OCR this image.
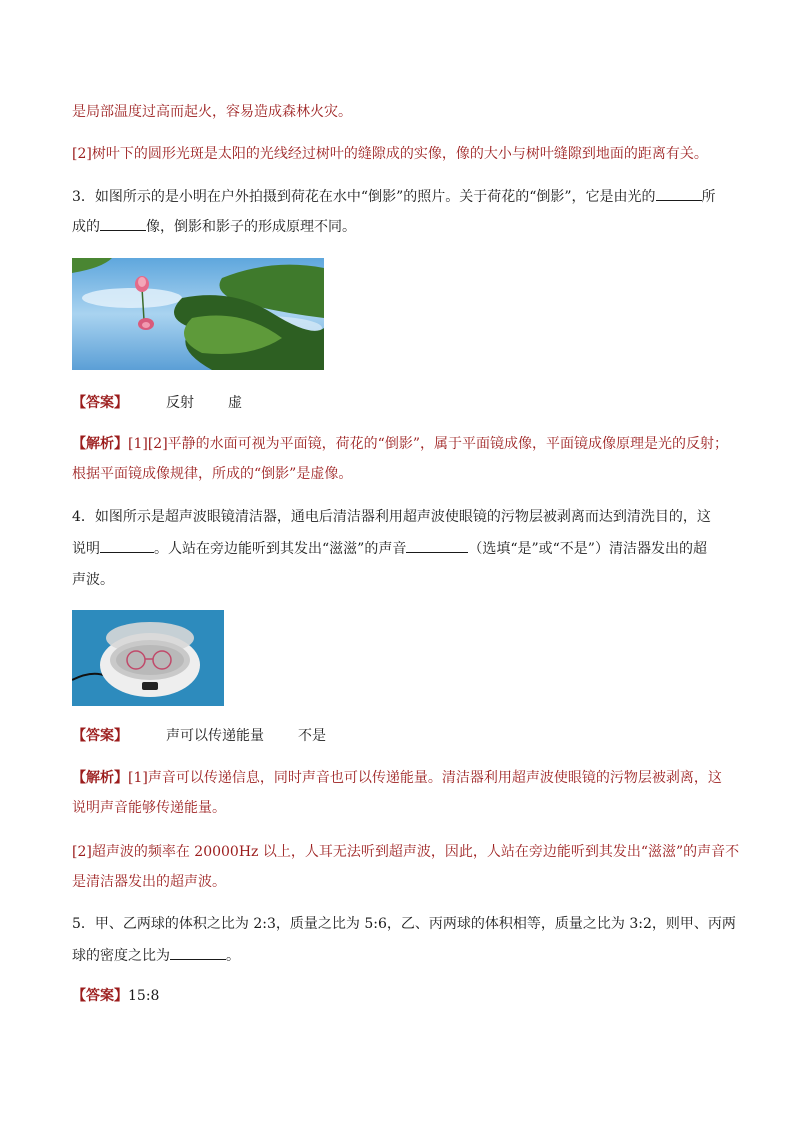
是局部温度过高而起火，容易造成森林火灾。
[2]树叶下的圆形光斑是太阳的光线经过树叶的缝隙成的实像，像的大小与树叶缝隙到地面的距离有关。
3．如图所示的是小明在户外拍摄到荷花在水中“倒影”的照片。关于荷花的“倒影”，它是由光的	所
成的	像，倒影和影子的形成原理不同。
【答案】	反射 虚
【解析】[1][2]平静的水面可视为平面镜，荷花的“倒影”，属于平面镜成像，平面镜成像原理是光的反射；
根据平面镜成像规律，所成的“倒影”是虚像。
4．如图所示是超声波眼镜清洁器，通电后清洁器利用超声波使眼镜的污物层被剥离而达到清洗目的，这
说明	。人站在旁边能听到其发出“滋滋”的声音	（选填“是”或“不是”）清洁器发出的超
声波。
【答案】	声可以传递能量 不是
【解析】[1]声音可以传递信息，同时声音也可以传递能量。清洁器利用超声波使眼镜的污物层被剥离，这
说明声音能够传递能量。
[2]超声波的频率在 20000Hz 以上，人耳无法听到超声波，因此，人站在旁边能听到其发出“滋滋”的声音不
是清洁器发出的超声波。
5．甲、乙两球的体积之比为 2:3，质量之比为 5:6，乙、丙两球的体积相等，质量之比为 3:2，则甲、丙两
球的密度之比为	。
【答案】15:8
